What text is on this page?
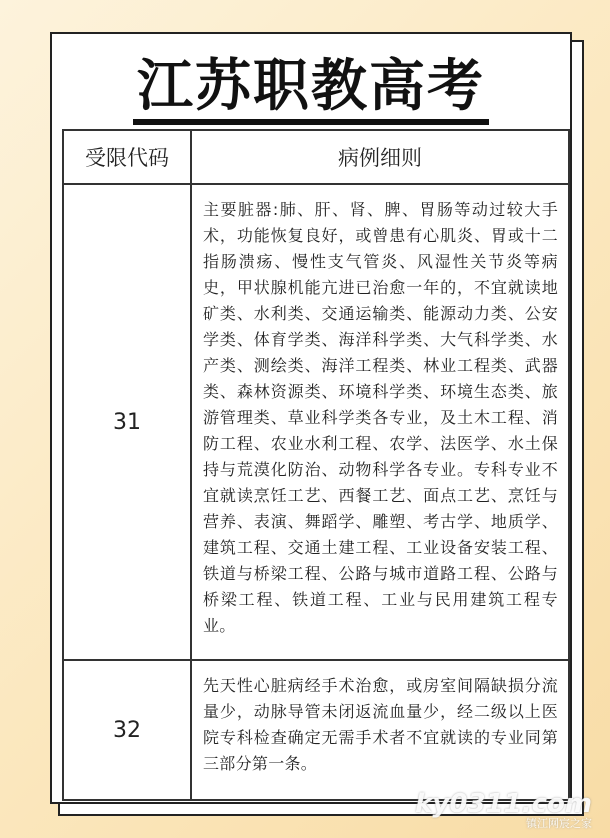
江苏职教高考
受限代码	病例细则
31	主要脏器:肺、肝、肾、脾、胃肠等动过较大手术，功能恢复良好，或曾患有心肌炎、胃或十二指肠溃疡、慢性支气管炎、风湿性关节炎等病史，甲状腺机能亢进已治愈一年的，不宜就读地矿类、水利类、交通运输类、能源动力类、公安学类、体育学类、海洋科学类、大气科学类、水产类、测绘类、海洋工程类、林业工程类、武器类、森林资源类、环境科学类、环境生态类、旅游管理类、草业科学类各专业，及土木工程、消防工程、农业水利工程、农学、法医学、水土保持与荒漠化防治、动物科学各专业。专科专业不宜就读烹饪工艺、西餐工艺、面点工艺、烹饪与营养、表演、舞蹈学、雕塑、考古学、地质学、建筑工程、交通土建工程、工业设备安装工程、铁道与桥梁工程、公路与城市道路工程、公路与桥梁工程、铁道工程、工业与民用建筑工程专业。
32	先天性心脏病经手术治愈，或房室间隔缺损分流量少，动脉导管未闭返流血量少，经二级以上医院专科检查确定无需手术者不宜就读的专业同第三部分第一条。
ky0311.com
镇江网宸之家
